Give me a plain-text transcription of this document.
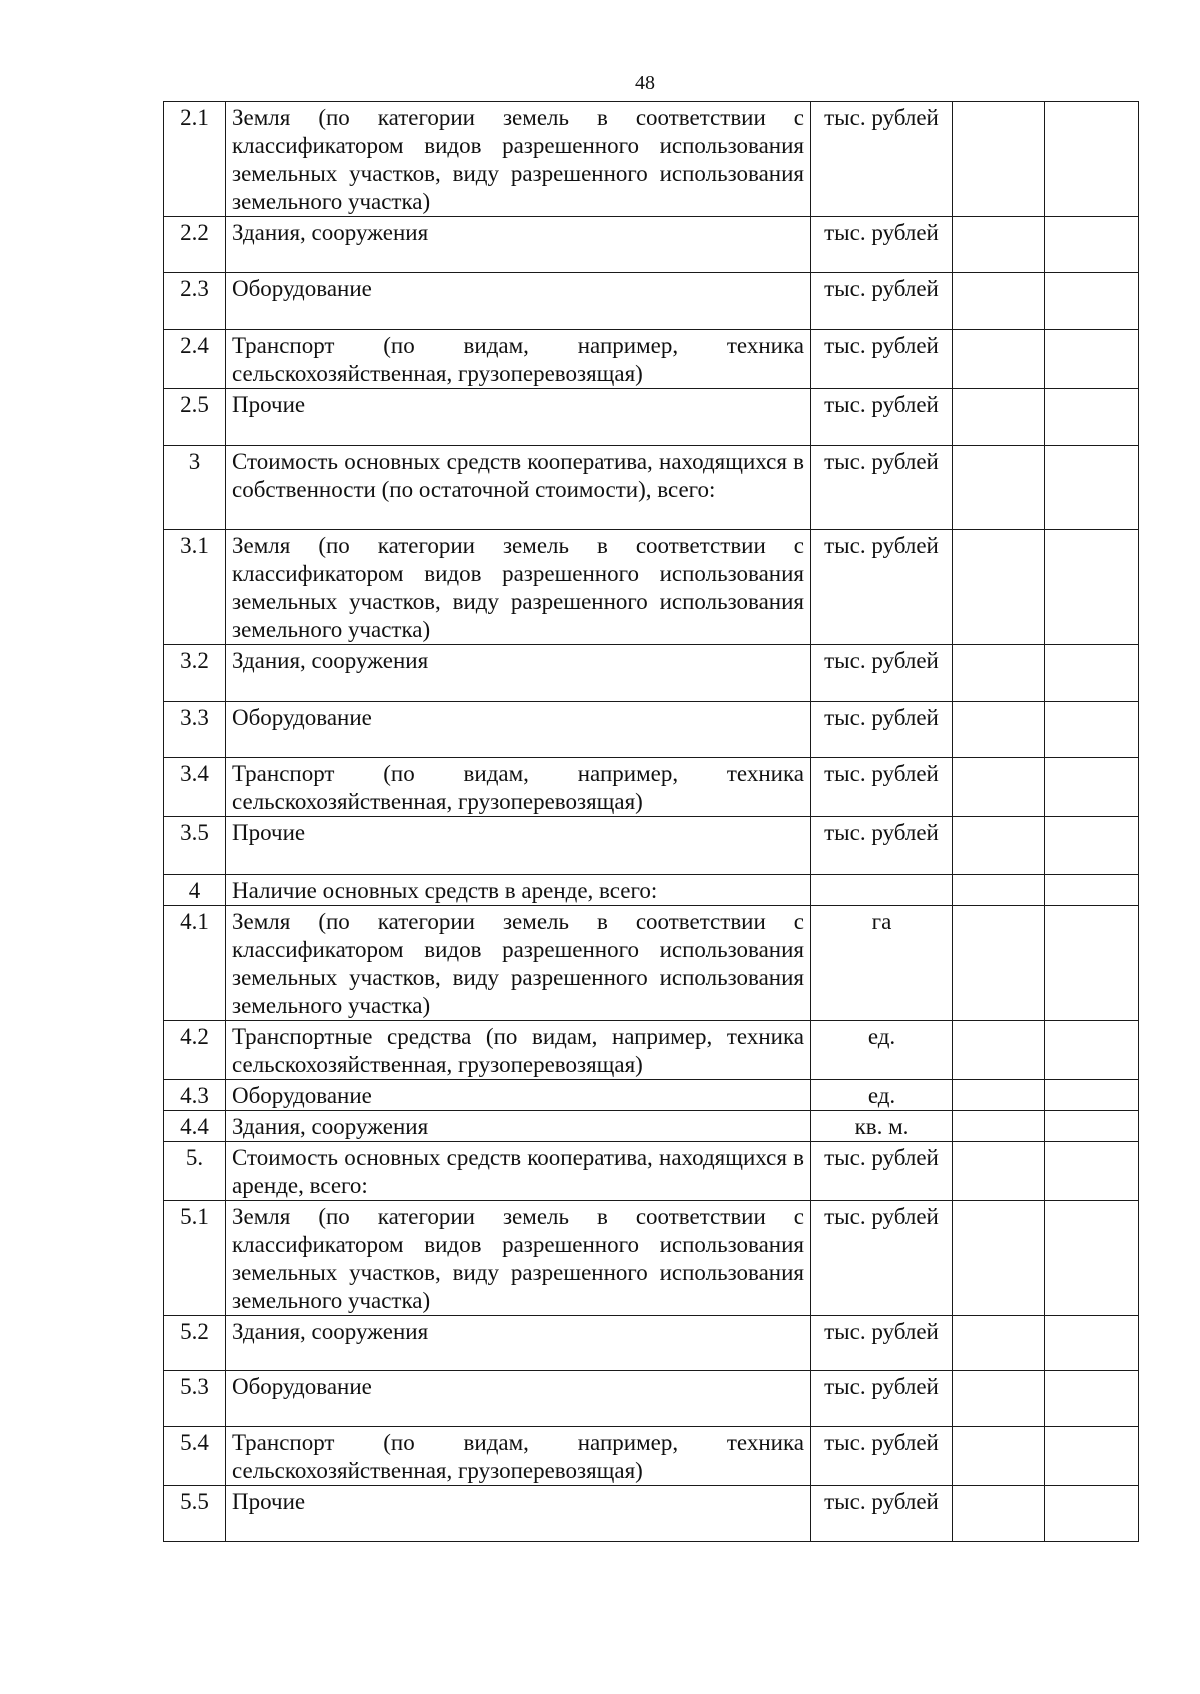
48
2.1	Земля (по категории земель в соответствии с классификатором видов разрешенного использования земельных участков, виду разрешенного использования земельного участка)	тыс. рублей		
2.2	Здания, сооружения	тыс. рублей		
2.3	Оборудование	тыс. рублей		
2.4	Транспорт (по видам, например, техника сельскохозяйственная, грузоперевозящая)	тыс. рублей		
2.5	Прочие	тыс. рублей		
3	Стоимость основных средств кооператива, находящихся в собственности (по остаточной стоимости), всего:	тыс. рублей		
3.1	Земля (по категории земель в соответствии с классификатором видов разрешенного использования земельных участков, виду разрешенного использования земельного участка)	тыс. рублей		
3.2	Здания, сооружения	тыс. рублей		
3.3	Оборудование	тыс. рублей		
3.4	Транспорт (по видам, например, техника сельскохозяйственная, грузоперевозящая)	тыс. рублей		
3.5	Прочие	тыс. рублей		
4	Наличие основных средств в аренде, всего:			
4.1	Земля (по категории земель в соответствии с классификатором видов разрешенного использования земельных участков, виду разрешенного использования земельного участка)	га		
4.2	Транспортные средства (по видам, например, техника сельскохозяйственная, грузоперевозящая)	ед.		
4.3	Оборудование	ед.		
4.4	Здания, сооружения	кв. м.		
5.	Стоимость основных средств кооператива, находящихся в аренде, всего:	тыс. рублей		
5.1	Земля (по категории земель в соответствии с классификатором видов разрешенного использования земельных участков, виду разрешенного использования земельного участка)	тыс. рублей		
5.2	Здания, сооружения	тыс. рублей		
5.3	Оборудование	тыс. рублей		
5.4	Транспорт (по видам, например, техника сельскохозяйственная, грузоперевозящая)	тыс. рублей		
5.5	Прочие	тыс. рублей		
